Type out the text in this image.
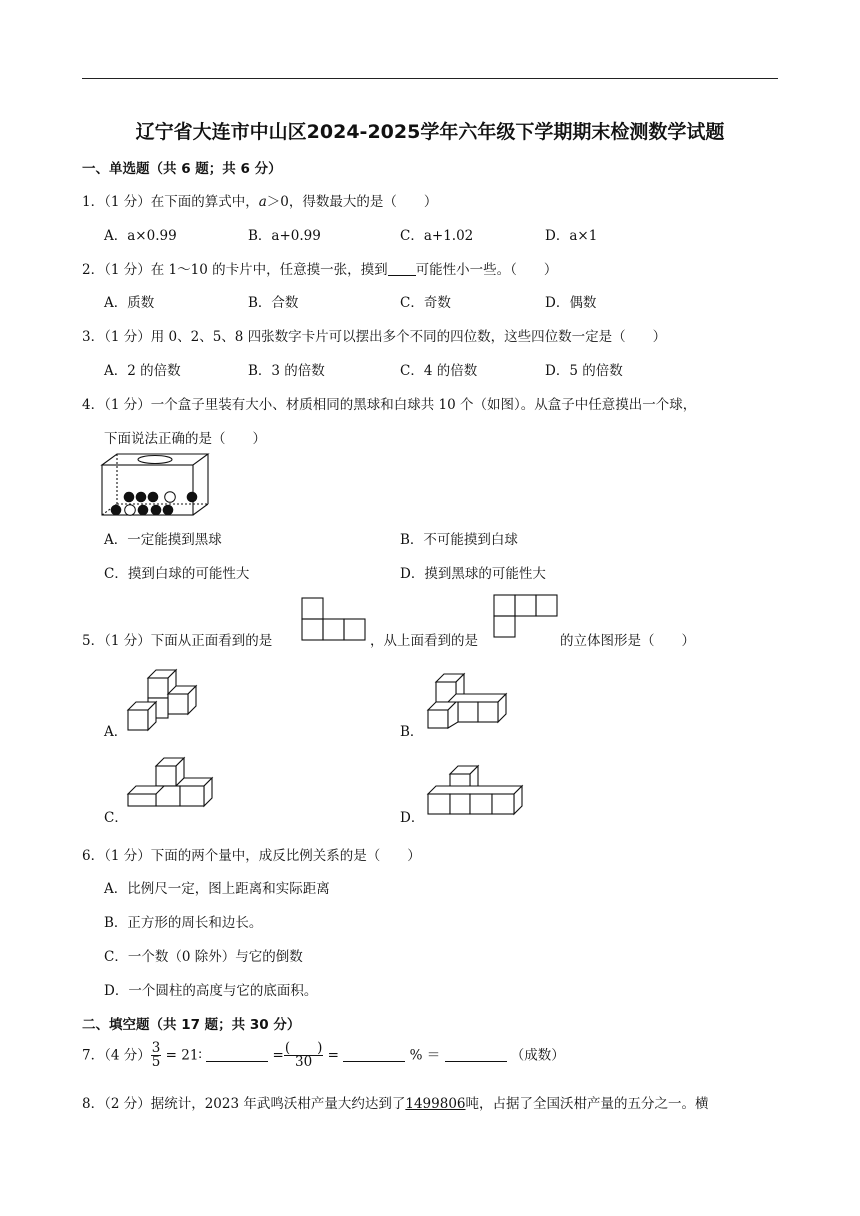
辽宁省大连市中山区2024-2025学年六年级下学期期末检测数学试题
一、单选题（共 6 题；共 6 分）
1．（1 分）在下面的算式中，a＞0，得数最大的是（　　）
A．a×0.99	B．a+0.99	C．a+1.02	D．a×1
2．（1 分）在 1～10 的卡片中，任意摸一张，摸到 可能性小一些。（　　）
A．质数	B．合数	C．奇数	D．偶数
3．（1 分）用 0、2、5、8 四张数字卡片可以摆出多个不同的四位数，这些四位数一定是（　　）
A．2 的倍数	B．3 的倍数	C．4 的倍数	D．5 的倍数
4．（1 分）一个盒子里装有大小、材质相同的黑球和白球共 10 个（如图）。从盒子中任意摸出一个球，
下面说法正确的是（　　）
A．一定能摸到黑球	B．不可能摸到白球
C．摸到白球的可能性大	D．摸到黑球的可能性大
5．（1 分）下面从正面看到的是	，从上面看到的是	的立体图形是（　　）
A．	B．
C．	D．
6．（1 分）下面的两个量中，成反比例关系的是（　　）
A．比例尺一定，图上距离和实际距离
B．正方形的周长和边长。
C．一个数（0 除外）与它的倒数
D．一个圆柱的高度与它的底面积。
二、填空题（共 17 题；共 30 分）
7．（4 分） $\frac{3}{5}$ = 21∶	= $\frac{( )}{30}$ =	% ＝	（成数）
8．（2 分）据统计，2023 年武鸣沃柑产量大约达到了1499806吨，占据了全国沃柑产量的五分之一。横
